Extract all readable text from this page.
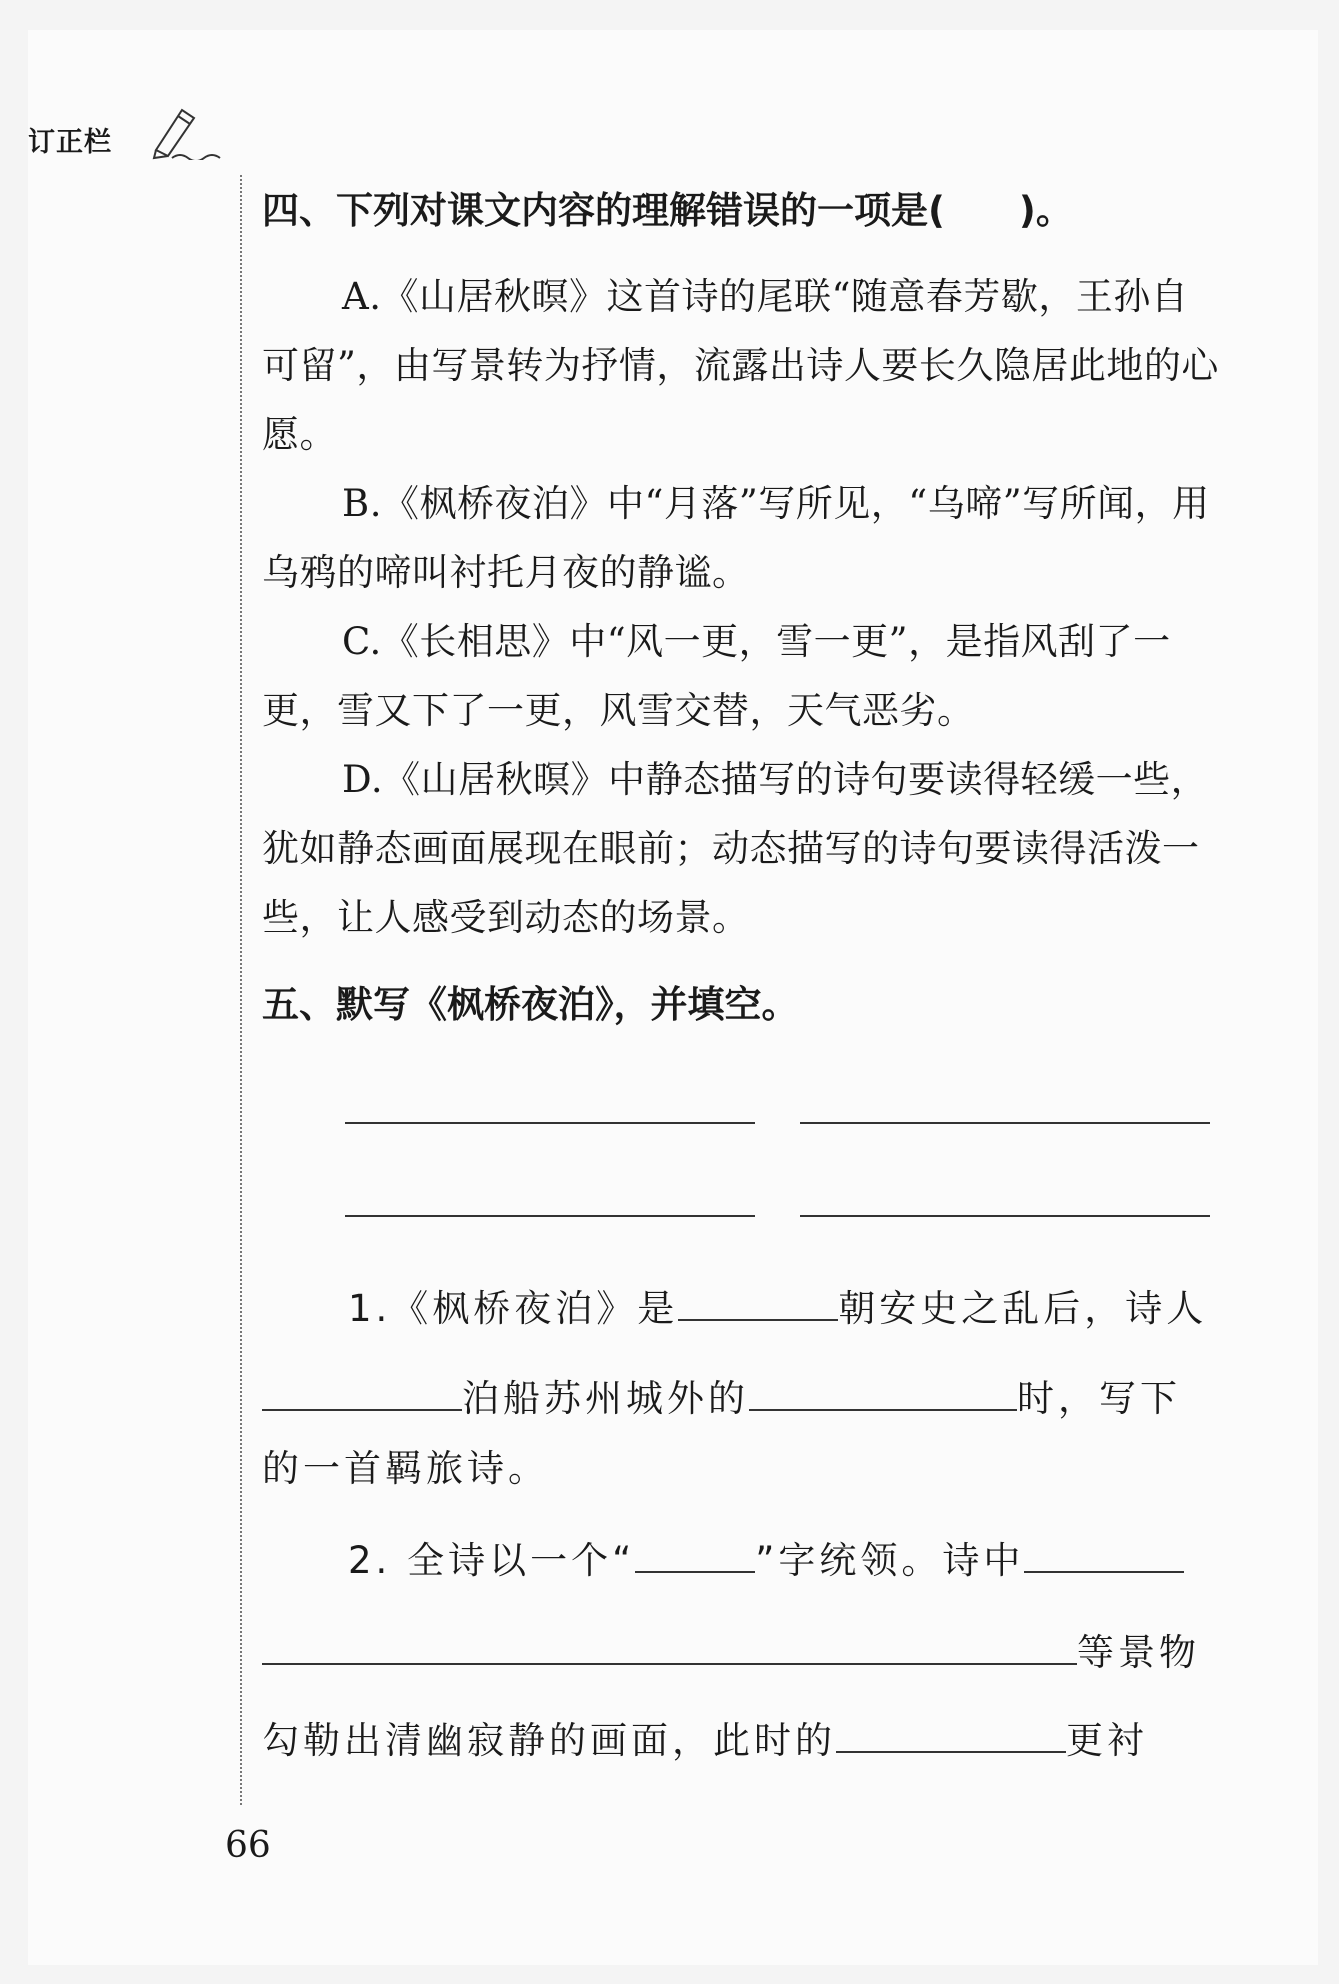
订正栏
四、下列对课文内容的理解错误的一项是(　　)。

A.《山居秋暝》这首诗的尾联“随意春芳歇，王孙自可留”，由写景转为抒情，流露出诗人要长久隐居此地的心愿。

B.《枫桥夜泊》中“月落”写所见，“乌啼”写所闻，用乌鸦的啼叫衬托月夜的静谧。

C.《长相思》中“风一更，雪一更”，是指风刮了一更，雪又下了一更，风雪交替，天气恶劣。

D.《山居秋暝》中静态描写的诗句要读得轻缓一些，犹如静态画面展现在眼前；动态描写的诗句要读得活泼一些，让人感受到动态的场景。

五、默写《枫桥夜泊》，并填空。
1.《枫桥夜泊》是	朝安史之乱后，诗人
泊船苏州城外的	时，写下
的一首羁旅诗。
2. 全诗以一个“	”字统领。诗中
等景物
勾勒出清幽寂静的画面，此时的	更衬
66
